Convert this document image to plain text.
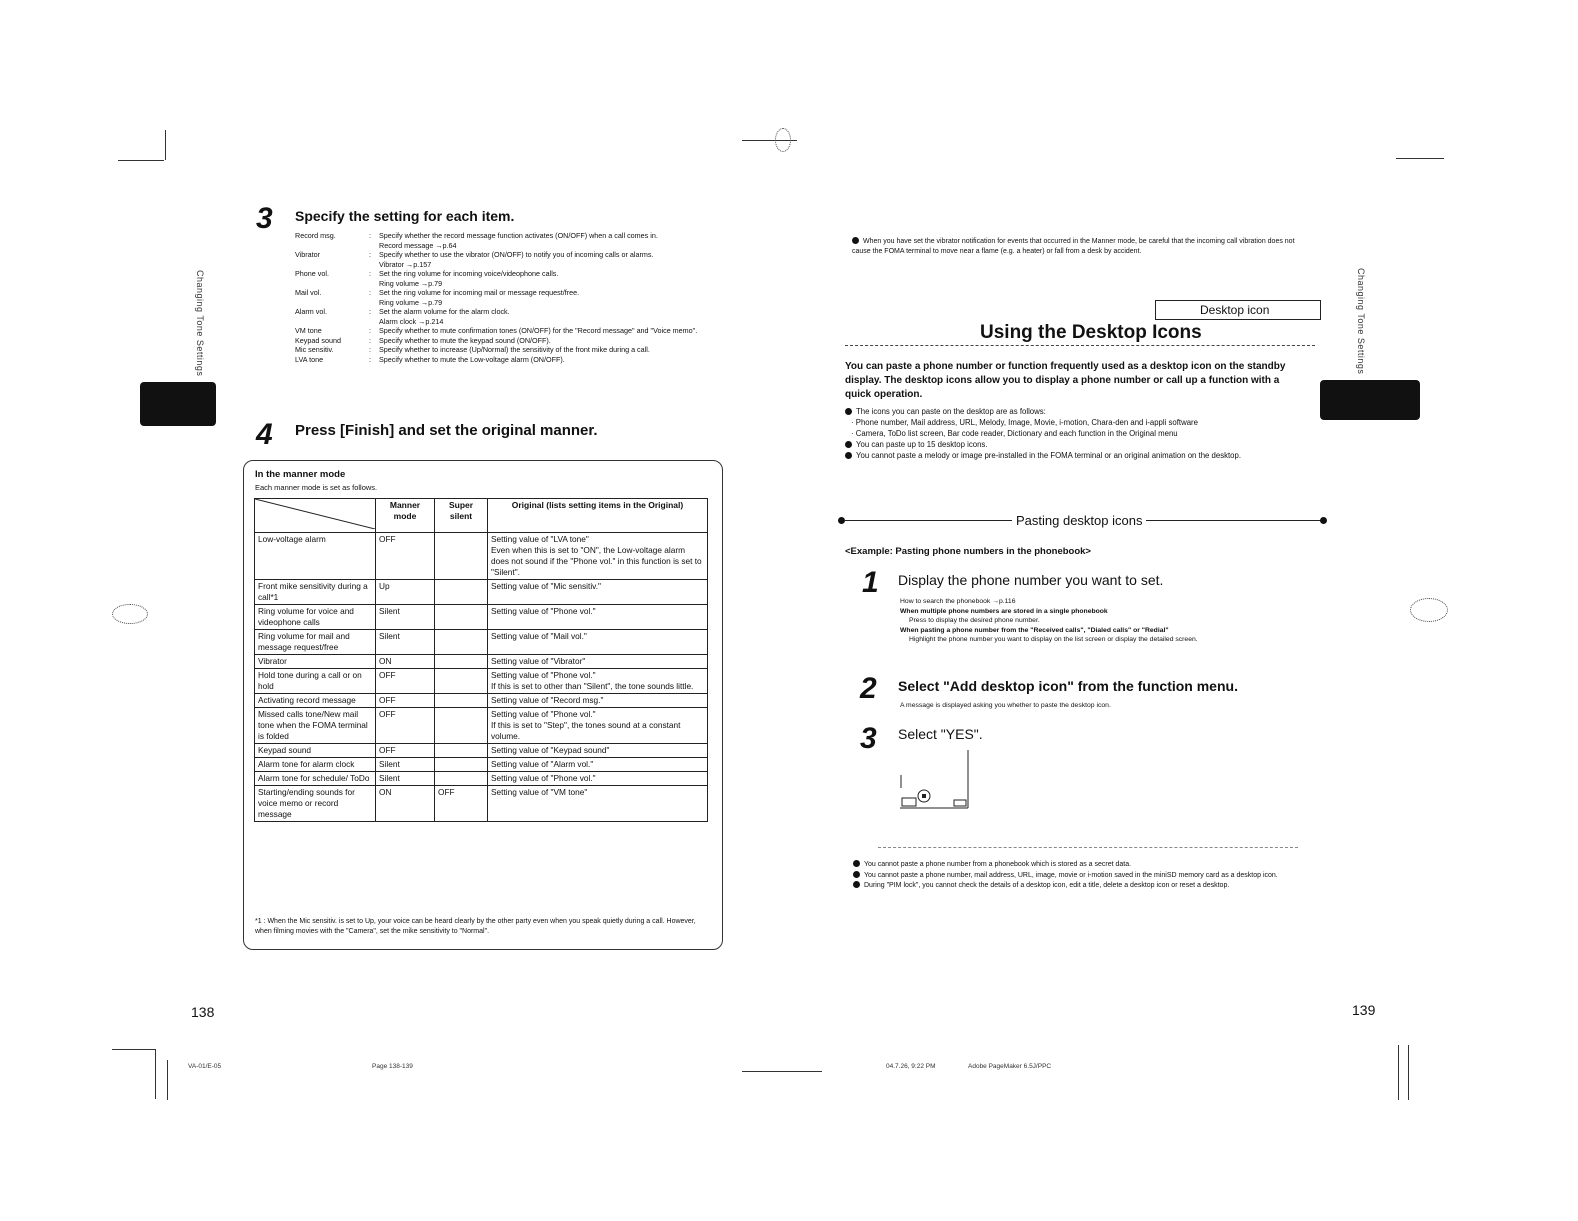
Changing Tone Settings
3 Specify the setting for each item.
Record msg.	:	Specify whether the record message function activates (ON/OFF) when a call comes in.
Record message →p.64
Vibrator	:	Specify whether to use the vibrator (ON/OFF) to notify you of incoming calls or alarms.
Vibrator →p.157
Phone vol.	:	Set the ring volume for incoming voice/videophone calls.
Ring volume →p.79
Mail vol.	:	Set the ring volume for incoming mail or message request/free.
Ring volume →p.79
Alarm vol.	:	Set the alarm volume for the alarm clock.
Alarm clock →p.214
VM tone	:	Specify whether to mute confirmation tones (ON/OFF) for the "Record message" and "Voice memo".
Keypad sound	:	Specify whether to mute the keypad sound (ON/OFF).
Mic sensitiv.	:	Specify whether to increase (Up/Normal) the sensitivity of the front mike during a call.
LVA tone	:	Specify whether to mute the Low-voltage alarm (ON/OFF).
4 Press [Finish] and set the original manner.
In the manner mode
Each manner mode is set as follows.
	Manner mode	Super silent	Original (lists setting items in the Original)
Low-voltage alarm	OFF		Setting value of "LVA tone"
Even when this is set to "ON", the Low-voltage alarm does not sound if the "Phone vol." in this function is set to "Silent".
Front mike sensitivity during a call*1	Up		Setting value of "Mic sensitiv."
Ring volume for voice and videophone calls	Silent		Setting value of "Phone vol."
Ring volume for mail and message request/free	Silent		Setting value of "Mail vol."
Vibrator	ON		Setting value of "Vibrator"
Hold tone during a call or on hold	OFF		Setting value of "Phone vol."
If this is set to other than "Silent", the tone sounds little.
Activating record message	OFF		Setting value of "Record msg."
Missed calls tone/New mail tone when the FOMA terminal is folded	OFF		Setting value of "Phone vol."
If this is set to "Step", the tones sound at a constant volume.
Keypad sound	OFF		Setting value of "Keypad sound"
Alarm tone for alarm clock	Silent		Setting value of "Alarm vol."
Alarm tone for schedule/ ToDo	Silent		Setting value of "Phone vol."
Starting/ending sounds for voice memo or record message	ON	OFF	Setting value of "VM tone"
*1 : When the Mic sensitiv. is set to Up, your voice can be heard clearly by the other party even when you speak quietly during a call. However, when filming movies with the "Camera", set the mike sensitivity to "Normal".
138
VA-01/E-05	Page 138-139
When you have set the vibrator notification for events that occurred in the Manner mode, be careful that the incoming call vibration does not cause the FOMA terminal to move near a flame (e.g. a heater) or fall from a desk by accident.
Changing Tone Settings
Desktop icon
Using the Desktop Icons
You can paste a phone number or function frequently used as a desktop icon on the standby display. The desktop icons allow you to display a phone number or call up a function with a quick operation.
The icons you can paste on the desktop are as follows:
· Phone number, Mail address, URL, Melody, Image, Movie, i-motion, Chara-den and i-appli software
· Camera, ToDo list screen, Bar code reader, Dictionary and each function in the Original menu
You can paste up to 15 desktop icons.
You cannot paste a melody or image pre-installed in the FOMA terminal or an original animation on the desktop.
Pasting desktop icons
<Example: Pasting phone numbers in the phonebook>
1 Display the phone number you want to set.
How to search the phonebook →p.116
When multiple phone numbers are stored in a single phonebook
Press to display the desired phone number.
When pasting a phone number from the "Received calls", "Dialed calls" or "Redial"
Highlight the phone number you want to display on the list screen or display the detailed screen.
2 Select "Add desktop icon" from the function menu.
A message is displayed asking you whether to paste the desktop icon.
3 Select "YES".
You cannot paste a phone number from a phonebook which is stored as a secret data.
You cannot paste a phone number, mail address, URL, image, movie or i-motion saved in the miniSD memory card as a desktop icon.
During "PIM lock", you cannot check the details of a desktop icon, edit a title, delete a desktop icon or reset a desktop.
139
04.7.26, 9:22 PM	Adobe PageMaker 6.5J/PPC
